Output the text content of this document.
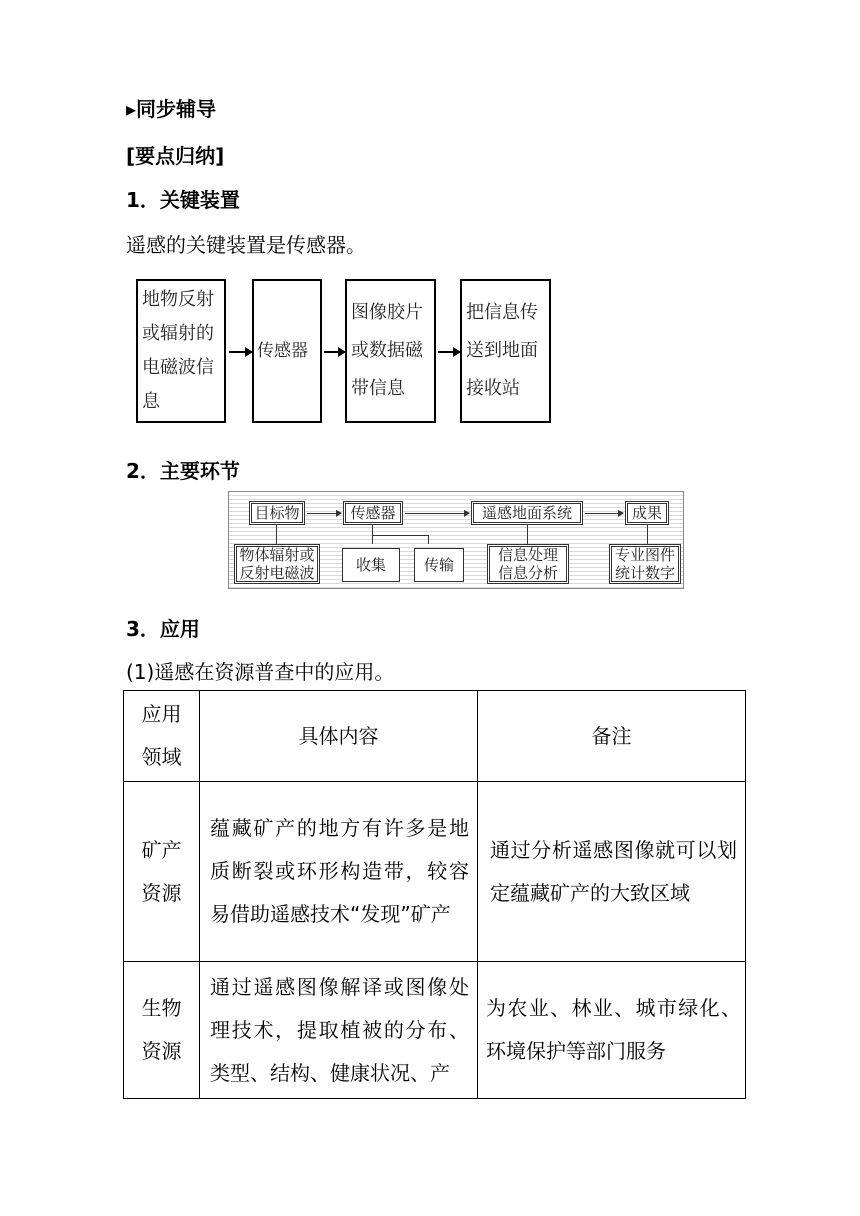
▸同步辅导
[要点归纳]
1．关键装置
遥感的关键装置是传感器。
地物反射
或辐射的
电磁波信
息
传感器
图像胶片
或数据磁
带信息
把信息传
送到地面
接收站
2．主要环节
目标物	传感器	遥感地面系统	成果
物体辐射或
反射电磁波	收集	传输
信息处理
信息分析
专业图件
统计数字
3．应用
(1)遥感在资源普查中的应用。
应用
领域	具体内容	备注
矿产
资源	蕴藏矿产的地方有许多是地质断裂或环形构造带，较容易借助遥感技术“发现”矿产	通过分析遥感图像就可以划定蕴藏矿产的大致区域
生物
资源	通过遥感图像解译或图像处理技术，提取植被的分布、类型、结构、健康状况、产	为农业、林业、城市绿化、环境保护等部门服务
